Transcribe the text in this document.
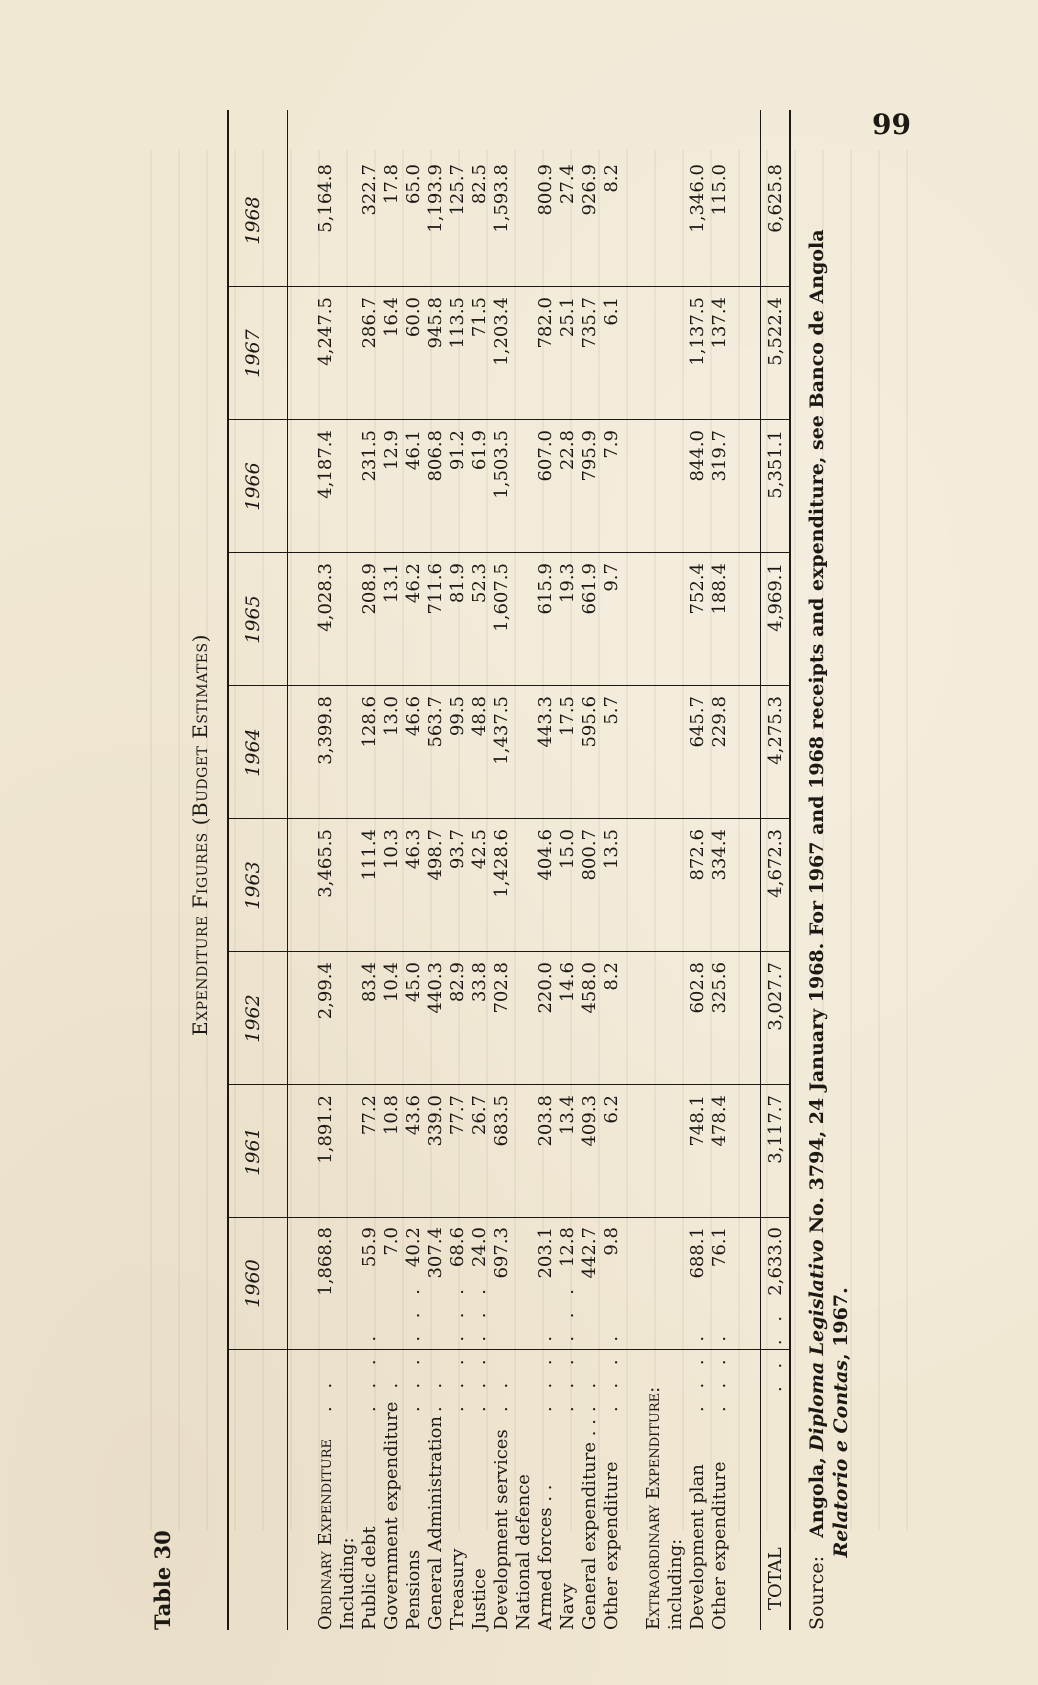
99
Table 30
Expenditure Figures (Budget Estimates)
1960
1961
1962
1963
1964
1965
1966
1967
1968
Ordinary Expenditure
. .
1,868.8
1,891.2
2,99.4
3,465.5
3,399.8
4,028.3
4,187.4
4,247.5
5,164.8
Including: Public debt
. . . .
55.9
77.2
83.4
111.4
128.6
208.9
231.5
286.7
322.7
Government expenditure
. .
7.0
10.8
10.4
10.3
13.0
13.1
12.9
16.4
17.8
Pensions
. . . . . .
40.2
43.6
45.0
46.3
46.6
46.2
46.1
60.0
65.0
General Administration
. .
307.4
339.0
440.3
498.7
563.7
711.6
806.8
945.8
1,193.9
Treasury
. . . . . .
68.6
77.7
82.9
93.7
99.5
81.9
91.2
113.5
125.7
Justice
. . . . . .
24.0
26.7
33.8
42.5
48.8
52.3
61.9
71.5
82.5
Development services
. .
697.3
683.5
702.8
1,428.6
1,437.5
1,607.5
1,503.5
1,203.4
1,593.8
National defence Armed forces . .
. . . .
203.1
203.8
220.0
404.6
443.3
615.9
607.0
782.0
800.9
Navy
. . . . . .
12.8
13.4
14.6
15.0
17.5
19.3
22.8
25.1
27.4
General expenditure . .
. .
442.7
409.3
458.0
800.7
595.6
661.9
795.9
735.7
926.9
Other expenditure
. . . .
9.8
6.2
8.2
13.5
5.7
9.7
7.9
6.1
8.2
Extraordinary Expenditure: including: Development plan
. . . .
688.1
748.1
602.8
872.6
645.7
752.4
844.0
1,137.5
1,346.0
Other expenditure
. . . .
76.1
478.4
325.6
334.4
229.8
188.4
319.7
137.4
115.0
TOTAL
. . . .
2,633.0
3,117.7
3,027.7
4,672.3
4,275.3
4,969.1
5,351.1
5,522.4
6,625.8
Source:   Angola, Diploma Legislativo No. 3794, 24 January 1968. For 1967 and 1968 receipts and expenditure, see Banco de Angola
Relatorio e Contas, 1967.
